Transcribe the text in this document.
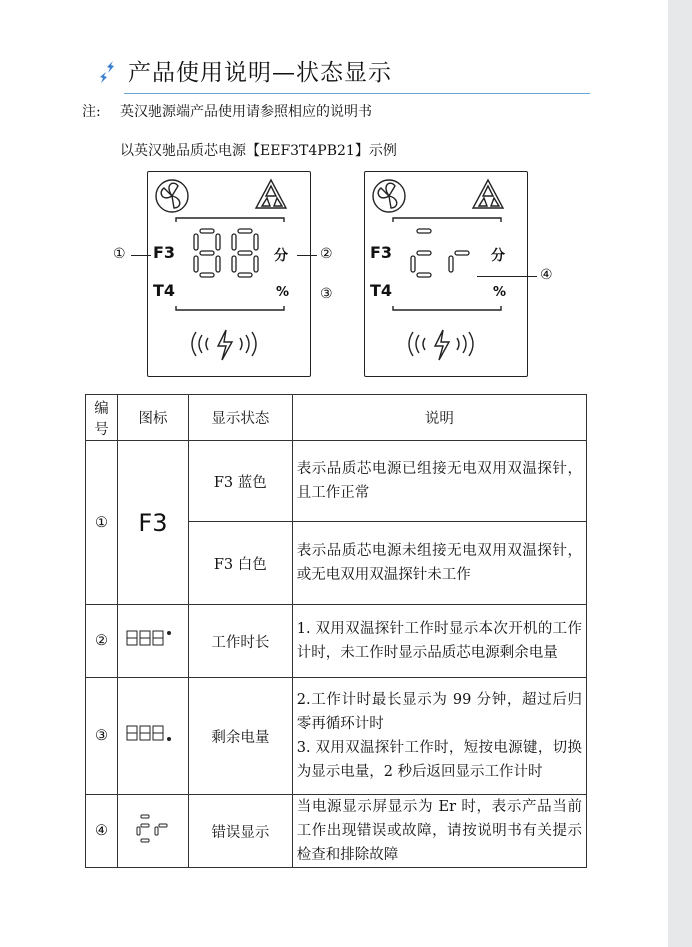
产品使用说明—状态显示
注: 英汉驰源端产品使用请参照相应的说明书
以英汉驰品质芯电源【EEF3T4PB21】示例
F3
T4
分
%
①	②
③
F3
T4
分
%
④
编号	图标	显示状态	说明
①	F3	F3 蓝色	表示品质芯电源已组接无电双用双温探针，且工作正常
		F3 白色	表示品质芯电源未组接无电双用双温探针，或无电双用双温探针未工作
②		工作时长	1. 双用双温探针工作时显示本次开机的工作计时，未工作时显示品质芯电源剩余电量
③		剩余电量	2.工作计时最长显示为 99 分钟，超过后归零再循环计时
3. 双用双温探针工作时，短按电源键，切换为显示电量，2 秒后返回显示工作计时

④		错误显示	当电源显示屏显示为 Er 时，表示产品当前工作出现错误或故障，请按说明书有关提示检查和排除故障
